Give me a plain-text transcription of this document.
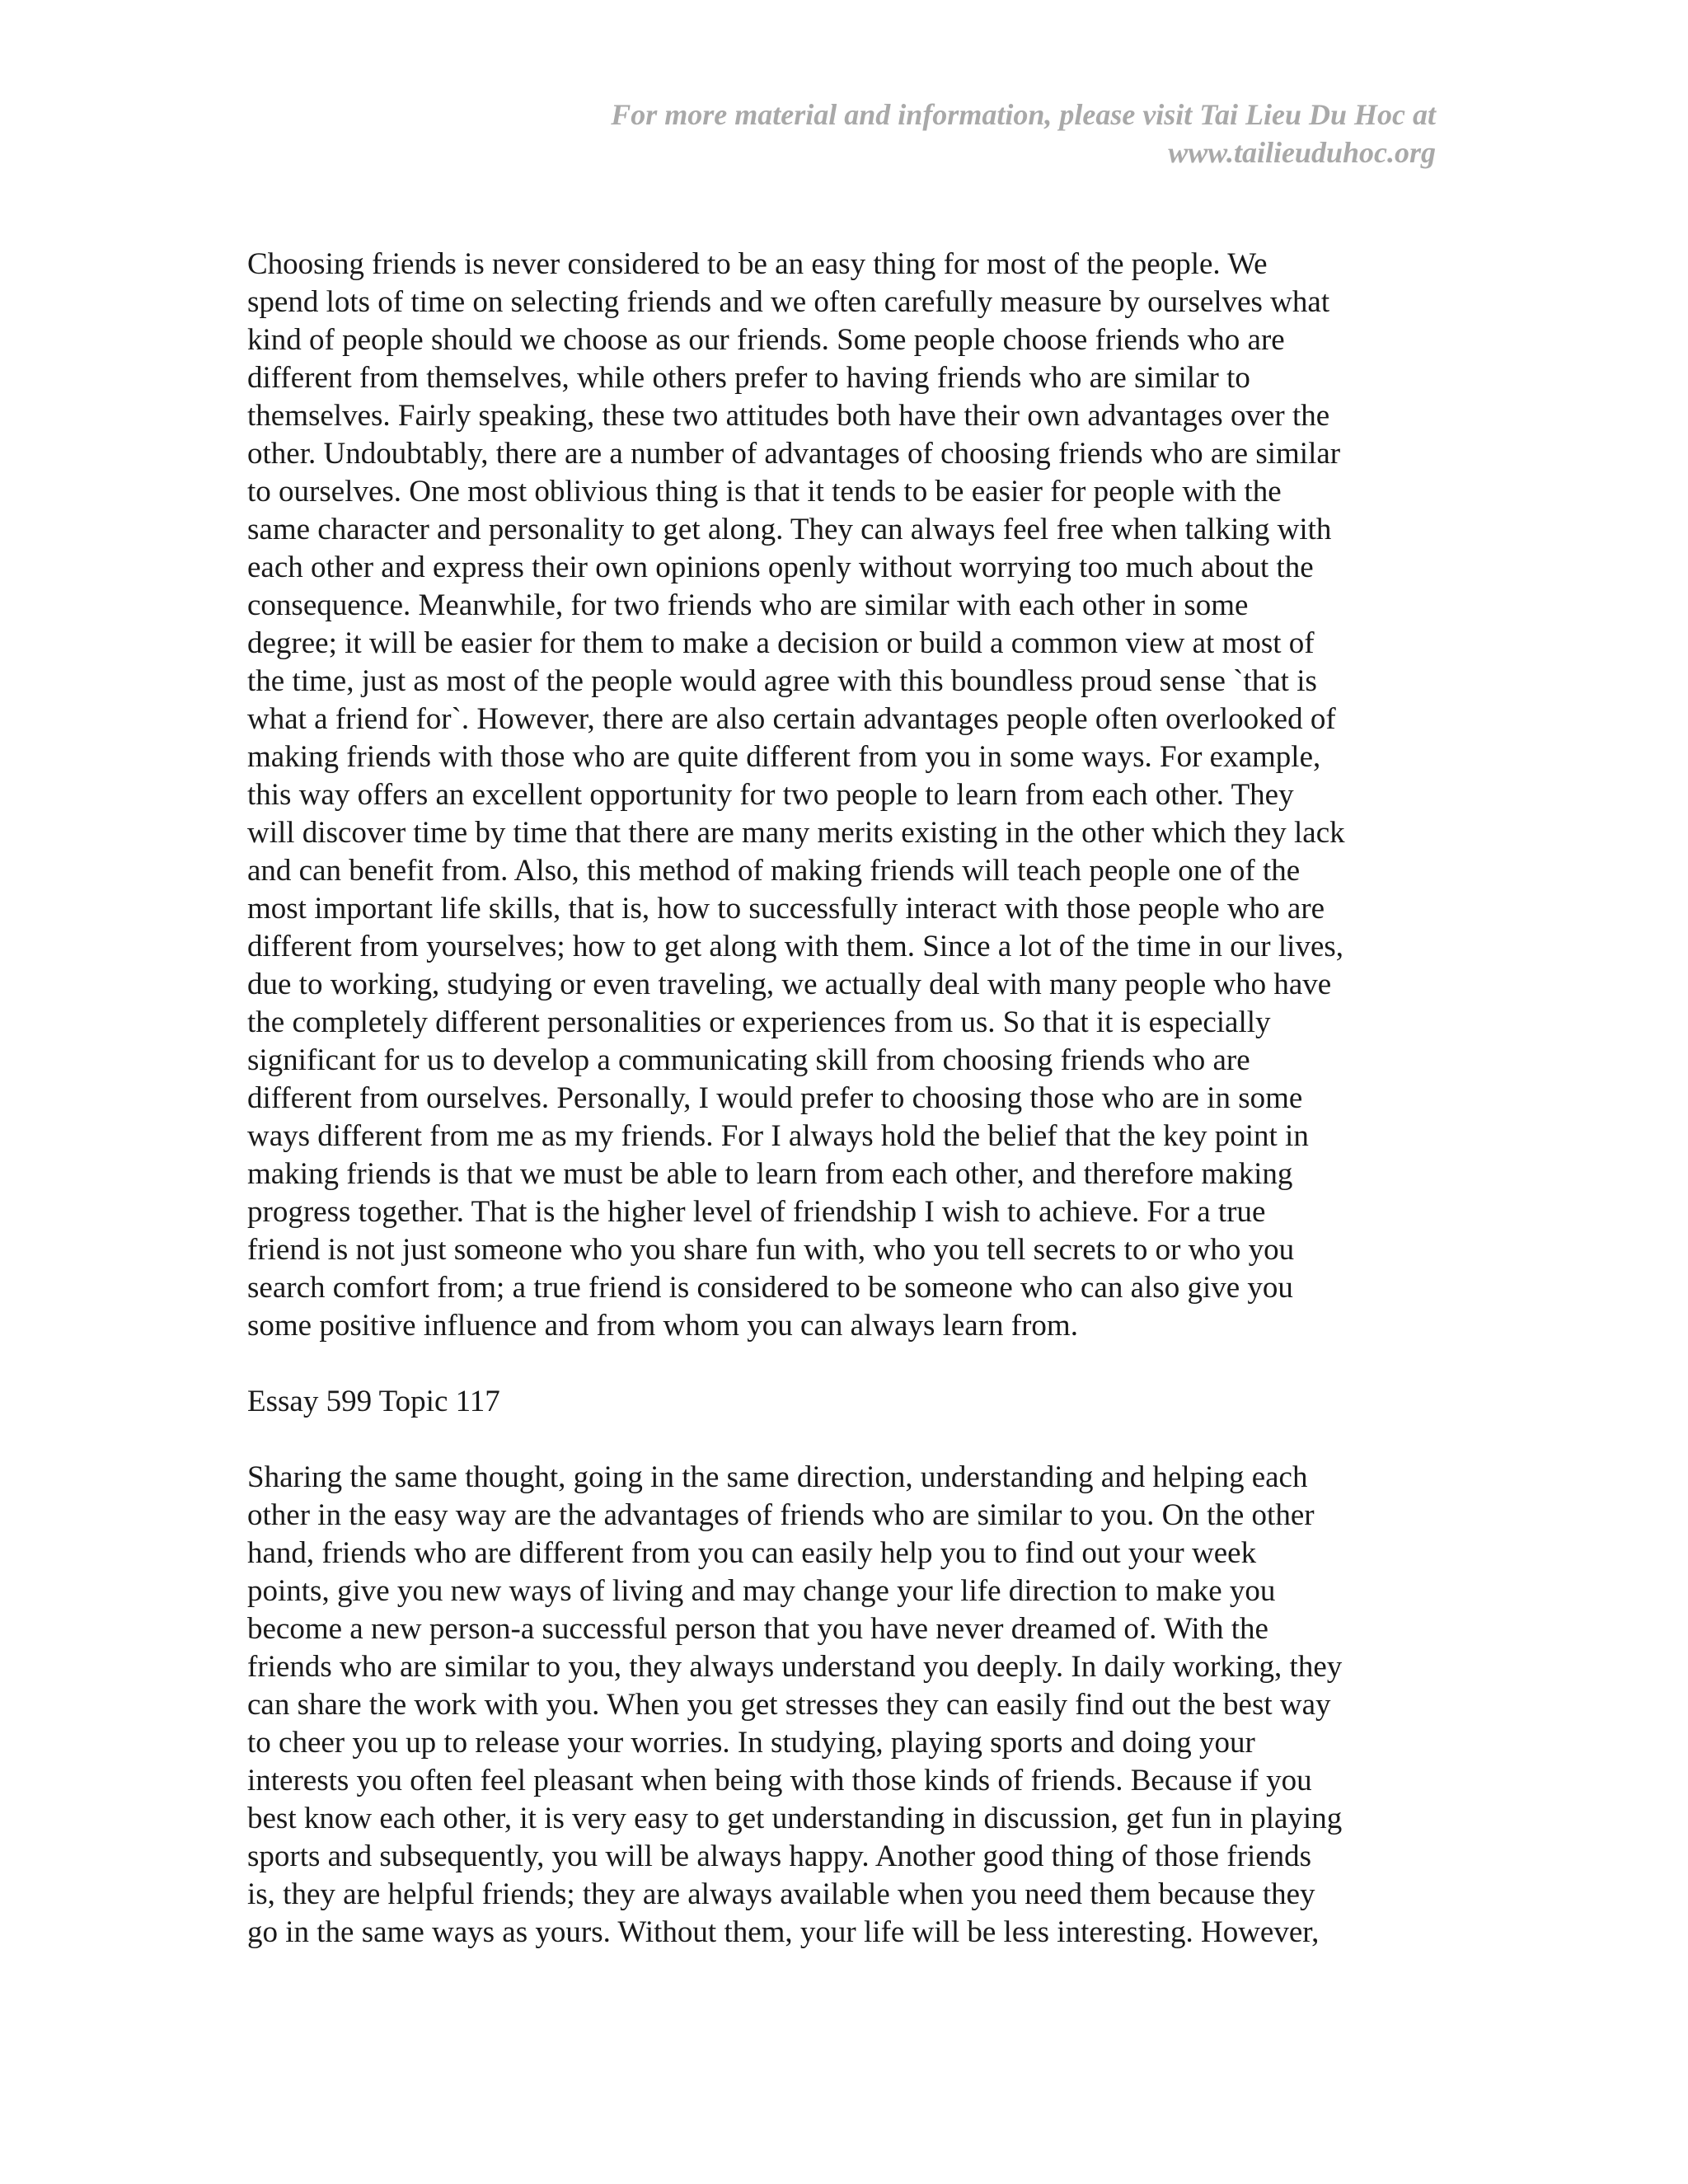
For more material and information, please visit Tai Lieu Du Hoc at
www.tailieuduhoc.org
Choosing friends is never considered to be an easy thing for most of the people. We
spend lots of time on selecting friends and we often carefully measure by ourselves what
kind of people should we choose as our friends. Some people choose friends who are
different from themselves, while others prefer to having friends who are similar to
themselves. Fairly speaking, these two attitudes both have their own advantages over the
other. Undoubtably, there are a number of advantages of choosing friends who are similar
to ourselves. One most oblivious thing is that it tends to be easier for people with the
same character and personality to get along. They can always feel free when talking with
each other and express their own opinions openly without worrying too much about the
consequence. Meanwhile, for two friends who are similar with each other in some
degree; it will be easier for them to make a decision or build a common view at most of
the time, just as most of the people would agree with this boundless proud sense `that is
what a friend for`. However, there are also certain advantages people often overlooked of
making friends with those who are quite different from you in some ways. For example,
this way offers an excellent opportunity for two people to learn from each other. They
will discover time by time that there are many merits existing in the other which they lack
and can benefit from. Also, this method of making friends will teach people one of the
most important life skills, that is, how to successfully interact with those people who are
different from yourselves; how to get along with them. Since a lot of the time in our lives,
due to working, studying or even traveling, we actually deal with many people who have
the completely different personalities or experiences from us. So that it is especially
significant for us to develop a communicating skill from choosing friends who are
different from ourselves. Personally, I would prefer to choosing those who are in some
ways different from me as my friends. For I always hold the belief that the key point in
making friends is that we must be able to learn from each other, and therefore making
progress together. That is the higher level of friendship I wish to achieve. For a true
friend is not just someone who you share fun with, who you tell secrets to or who you
search comfort from; a true friend is considered to be someone who can also give you
some positive influence and from whom you can always learn from.
Essay 599 Topic 117
Sharing the same thought, going in the same direction, understanding and helping each
other in the easy way are the advantages of friends who are similar to you. On the other
hand, friends who are different from you can easily help you to find out your week
points, give you new ways of living and may change your life direction to make you
become a new person-a successful person that you have never dreamed of. With the
friends who are similar to you, they always understand you deeply. In daily working, they
can share the work with you. When you get stresses they can easily find out the best way
to cheer you up to release your worries. In studying, playing sports and doing your
interests you often feel pleasant when being with those kinds of friends. Because if you
best know each other, it is very easy to get understanding in discussion, get fun in playing
sports and subsequently, you will be always happy. Another good thing of those friends
is, they are helpful friends; they are always available when you need them because they
go in the same ways as yours. Without them, your life will be less interesting. However,
